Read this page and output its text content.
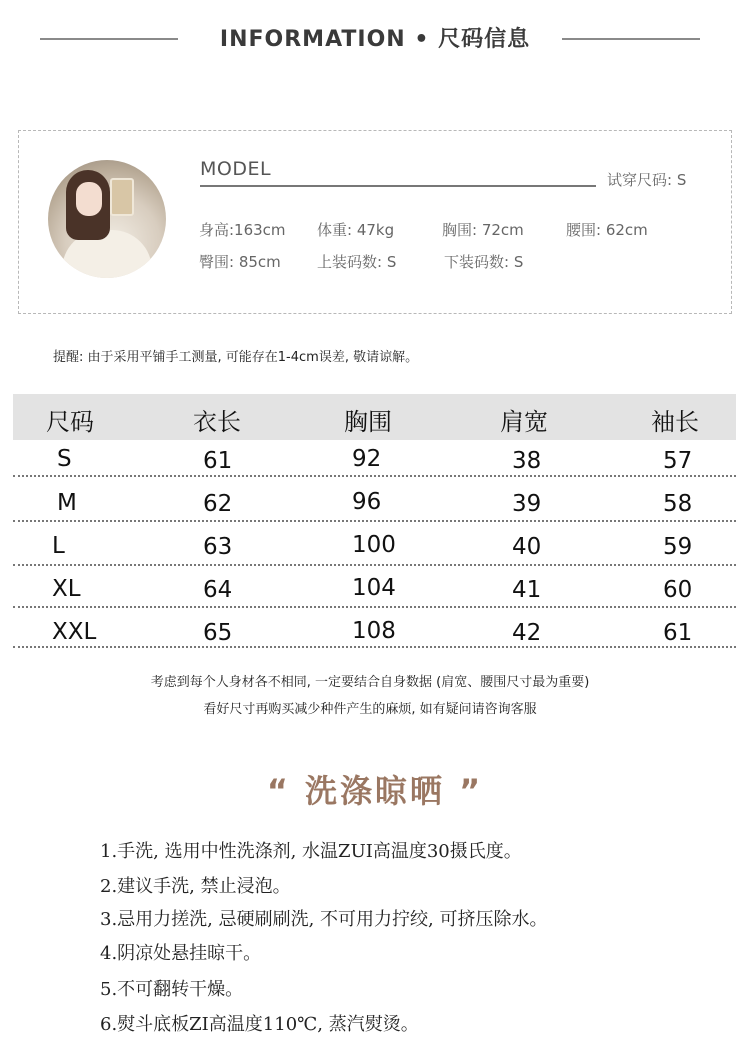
INFORMATION • 尺码信息
MODEL	试穿尺码: S
身高:163cm 体重: 47kg	胸围: 72cm	腰围: 62cm
臀围: 85cm 上装码数: S	下装码数: S
提醒: 由于采用平铺手工测量, 可能存在1-4cm误差, 敬请谅解。
尺码	衣长	胸围	肩宽	袖长
S	61	92	38	57
M	62	96	39	58
L	63	100	40	59
XL	64	104	41	60
XXL	65	108	42	61
考虑到每个人身材各不相同, 一定要结合自身数据 (肩宽、腰围尺寸最为重要)
看好尺寸再购买减少种件产生的麻烦, 如有疑问请咨询客服
“ 洗涤晾晒 ”
1.手洗, 选用中性洗涤剂, 水温ZUI高温度30摄氏度。
2.建议手洗, 禁止浸泡。
3.忌用力搓洗, 忌硬刷刷洗, 不可用力拧绞, 可挤压除水。
4.阴凉处悬挂晾干。
5.不可翻转干燥。
6.熨斗底板ZI高温度110℃, 蒸汽熨烫。
